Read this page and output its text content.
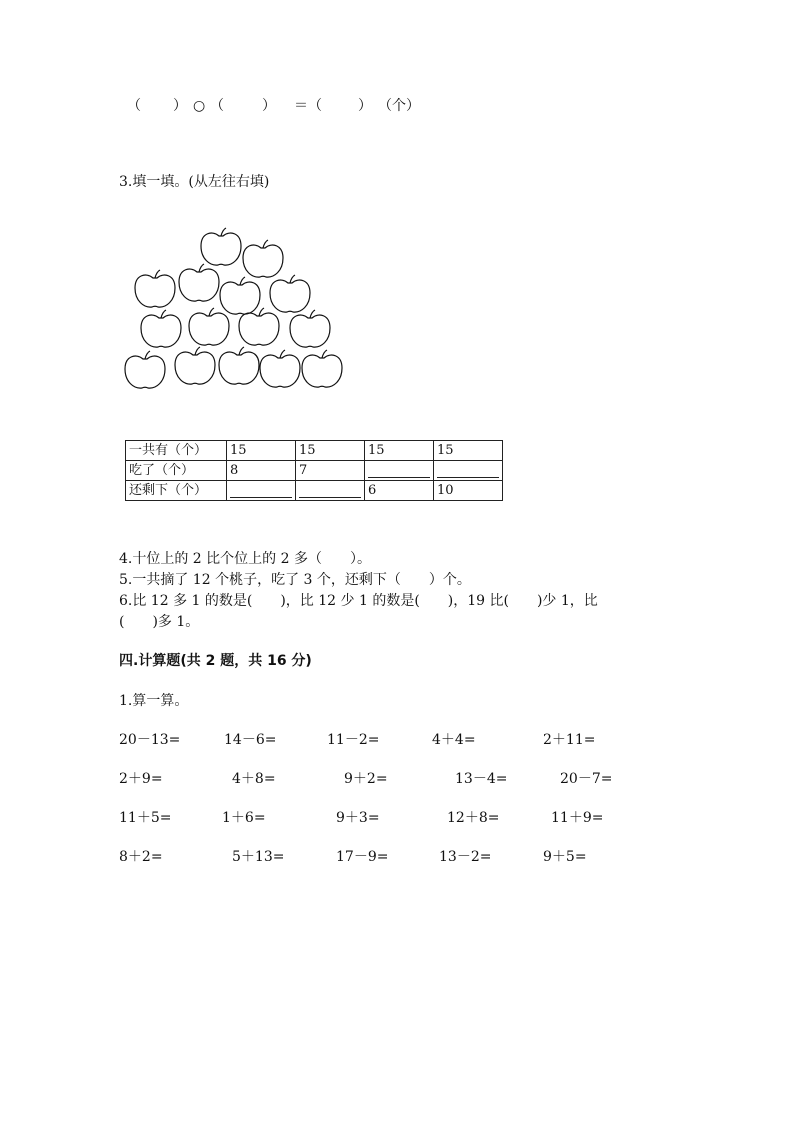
（ ） ○ （	） ＝（	） （个）
3.填一填。(从左往右填)
一共有（个）	15	15	15	15
吃了（个）	8	7	

还剩下（个）			6	10
4.十位上的 2 比个位上的 2 多（　　）。
5.一共摘了 12 个桃子，吃了 3 个，还剩下（　　）个。
6.比 12 多 1 的数是(　　)，比 12 少 1 的数是(　　)，19 比(　　)少 1，比
(　　)多 1。
四.计算题(共 2 题，共 16 分)
1.算一算。
20－13=	14－6=	11－2=	4＋4=	2＋11=
2＋9=	4＋8=	9＋2=	13－4=	20－7=
11＋5=	1＋6=	9＋3=	12＋8=	11＋9=
8＋2=	5＋13=	17－9=	13－2=	9＋5=
